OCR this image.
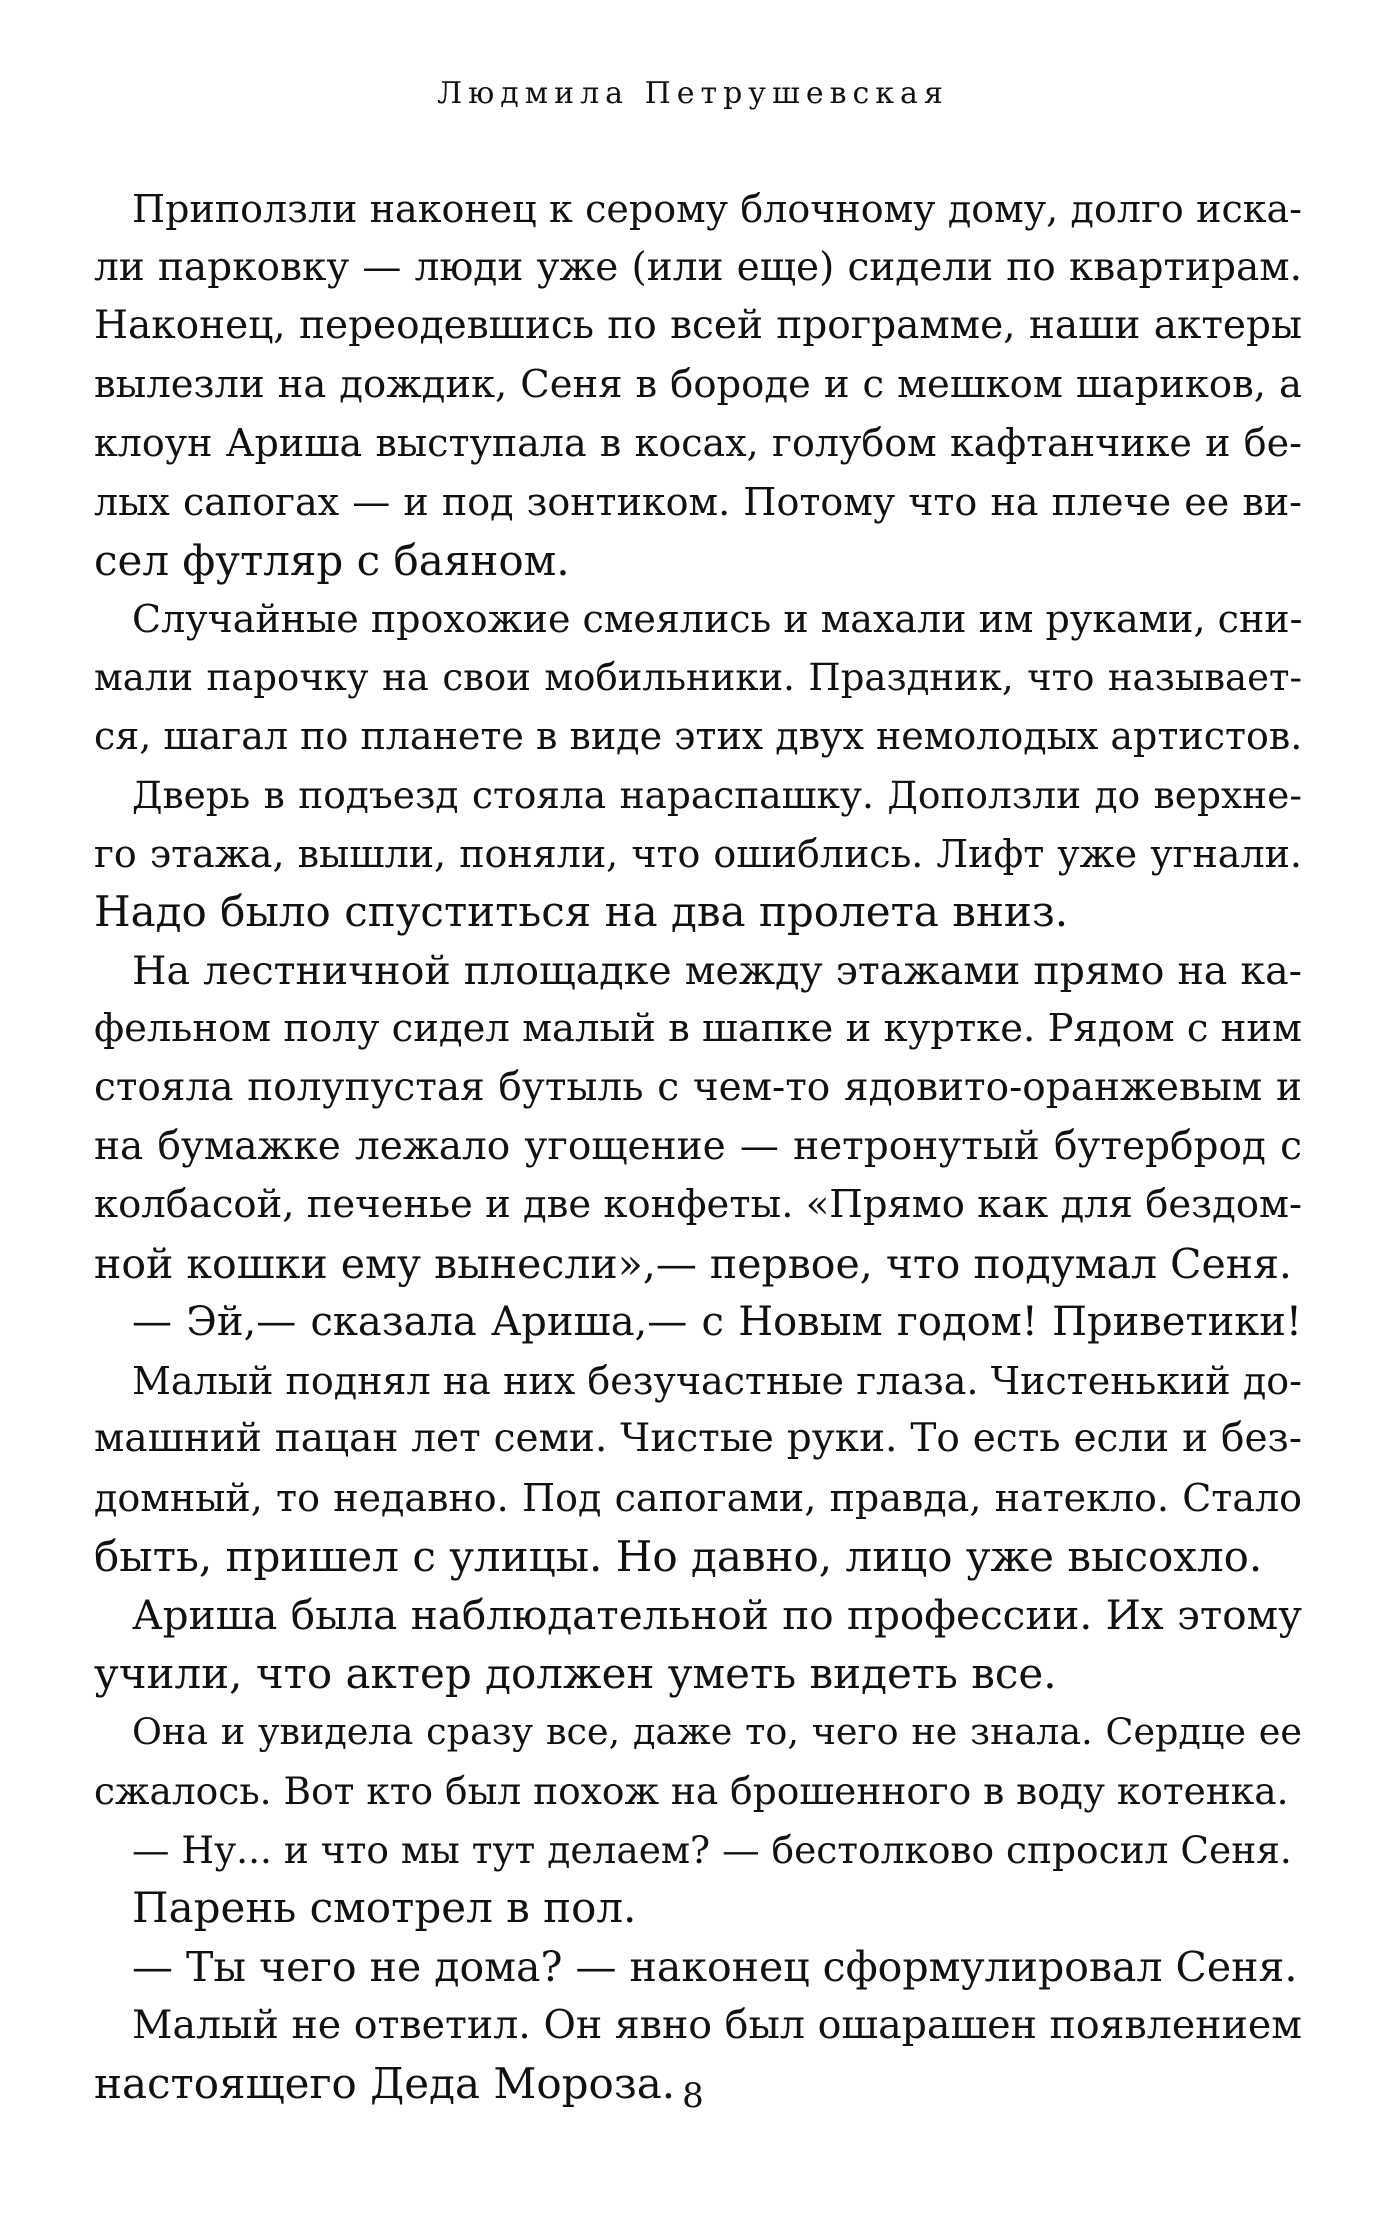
Людмила Петрушевская
Приползли наконец к серому блочному дому, долго иска-
ли парковку — люди уже (или еще) сидели по квартирам.
Наконец, переодевшись по всей программе, наши актеры
вылезли на дождик, Сеня в бороде и с мешком шариков, а
клоун Ариша выступала в косах, голубом кафтанчике и бе-
лых сапогах — и под зонтиком. Потому что на плече ее ви-
сел футляр с баяном.
Случайные прохожие смеялись и махали им руками, сни-
мали парочку на свои мобильники. Праздник, что называет-
ся, шагал по планете в виде этих двух немолодых артистов.
Дверь в подъезд стояла нараспашку. Доползли до верхне-
го этажа, вышли, поняли, что ошиблись. Лифт уже угнали.
Надо было спуститься на два пролета вниз.
На лестничной площадке между этажами прямо на ка-
фельном полу сидел малый в шапке и куртке. Рядом с ним
стояла полупустая бутыль с чем-то ядовито-оранжевым и
на бумажке лежало угощение — нетронутый бутерброд с
колбасой, печенье и две конфеты. «Прямо как для бездом-
ной кошки ему вынесли»,— первое, что подумал Сеня.
— Эй,— сказала Ариша,— с Новым годом! Приветики!
Малый поднял на них безучастные глаза. Чистенький до-
машний пацан лет семи. Чистые руки. То есть если и без-
домный, то недавно. Под сапогами, правда, натекло. Стало
быть, пришел с улицы. Но давно, лицо уже высохло.
Ариша была наблюдательной по профессии. Их этому
учили, что актер должен уметь видеть все.
Она и увидела сразу все, даже то, чего не знала. Сердце ее
сжалось. Вот кто был похож на брошенного в воду котенка.
— Ну... и что мы тут делаем? — бестолково спросил Сеня.
Парень смотрел в пол.
— Ты чего не дома? — наконец сформулировал Сеня.
Малый не ответил. Он явно был ошарашен появлением
настоящего Деда Мороза. 8
